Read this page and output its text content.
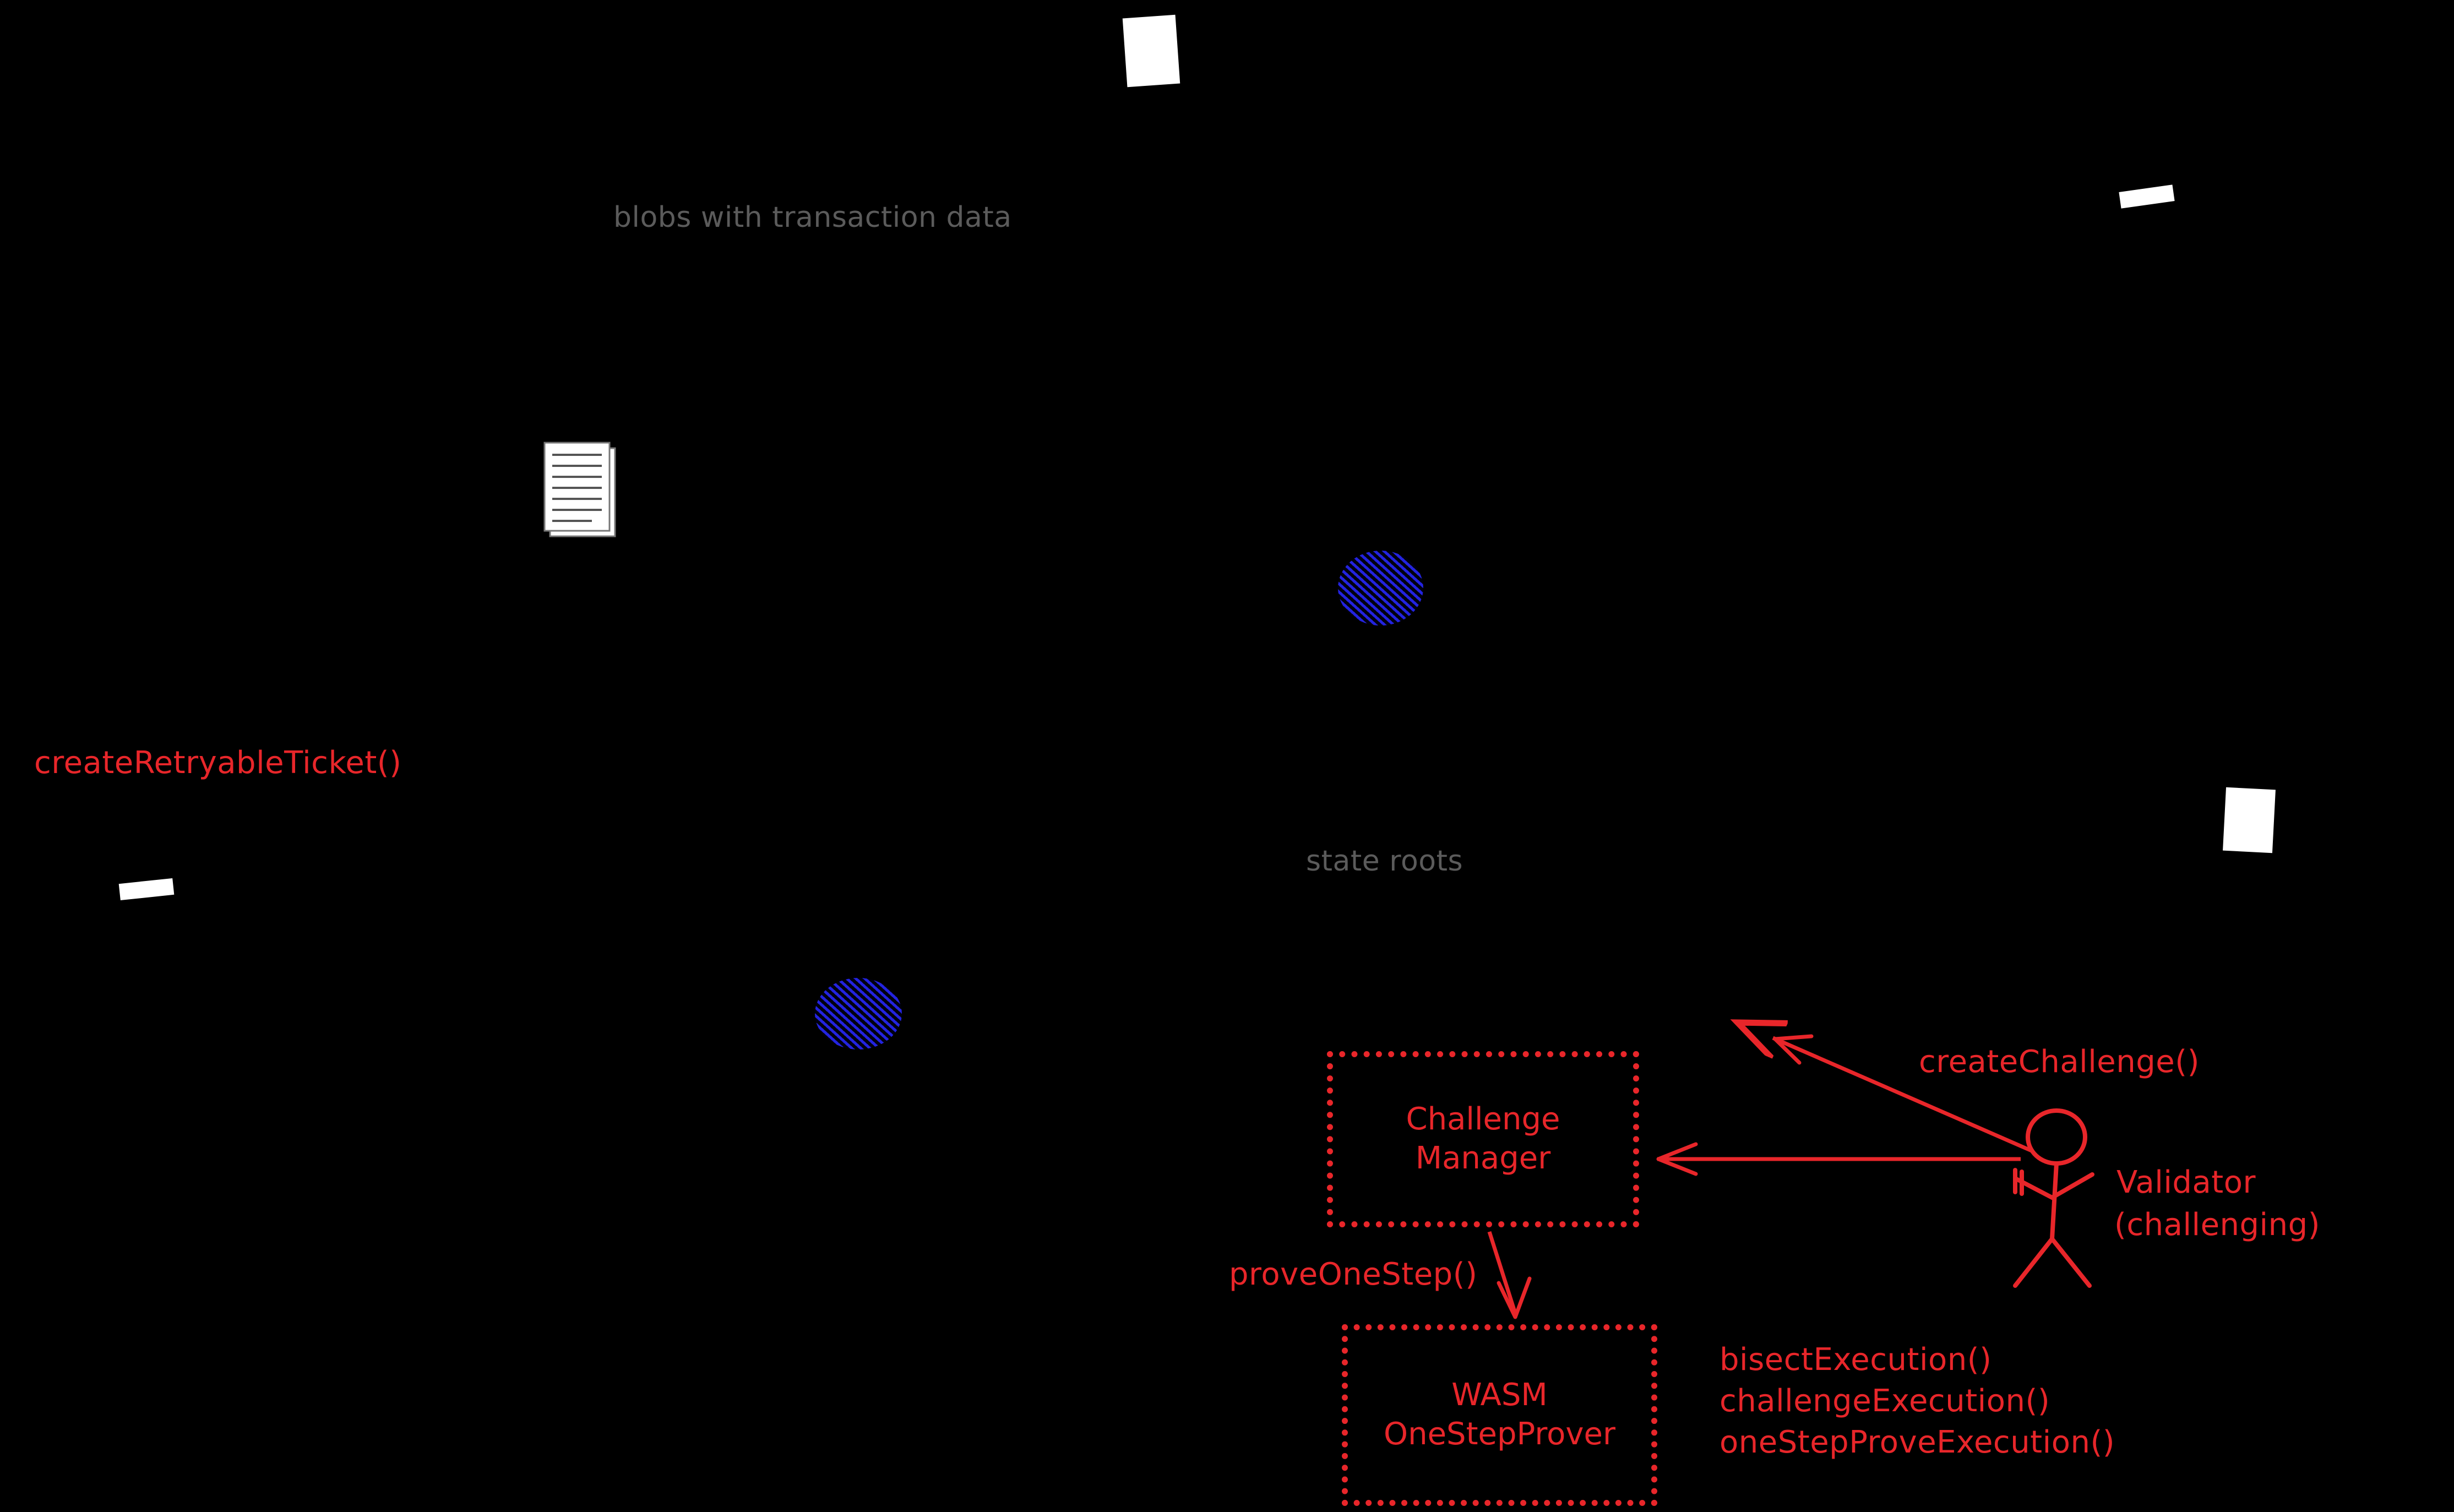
blobs with transaction data
state roots
createRetryableTicket()
createChallenge()
proveOneStep()
Validator
(challenging)
bisectExecution()
challengeExecution()
oneStepProveExecution()
Challenge
Manager
WASM
OneStepProver
